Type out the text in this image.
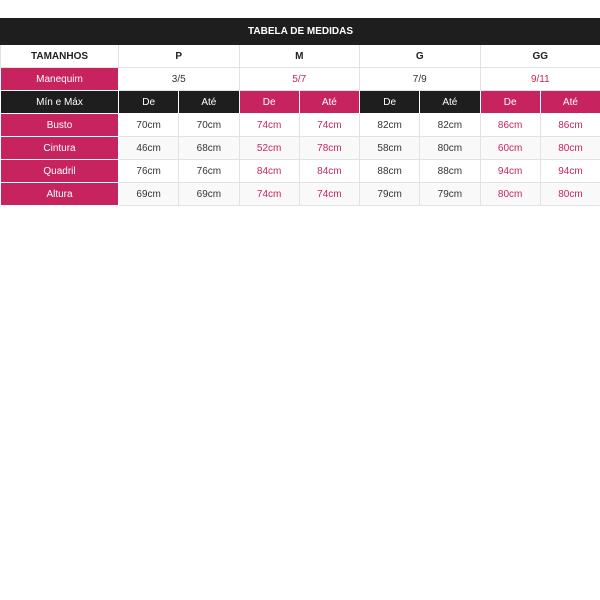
TABELA DE MEDIDAS								
TAMANHOS	P		M		G		GG	
Manequim	3/5		5/7		7/9		9/11	
Mín e Máx	De	Até	De	Até	De	Até	De	Até
Busto	70cm	70cm	74cm	74cm	82cm	82cm	86cm	86cm
Cintura	46cm	68cm	52cm	78cm	58cm	80cm	60cm	80cm
Quadril	76cm	76cm	84cm	84cm	88cm	88cm	94cm	94cm
Altura	69cm	69cm	74cm	74cm	79cm	79cm	80cm	80cm
